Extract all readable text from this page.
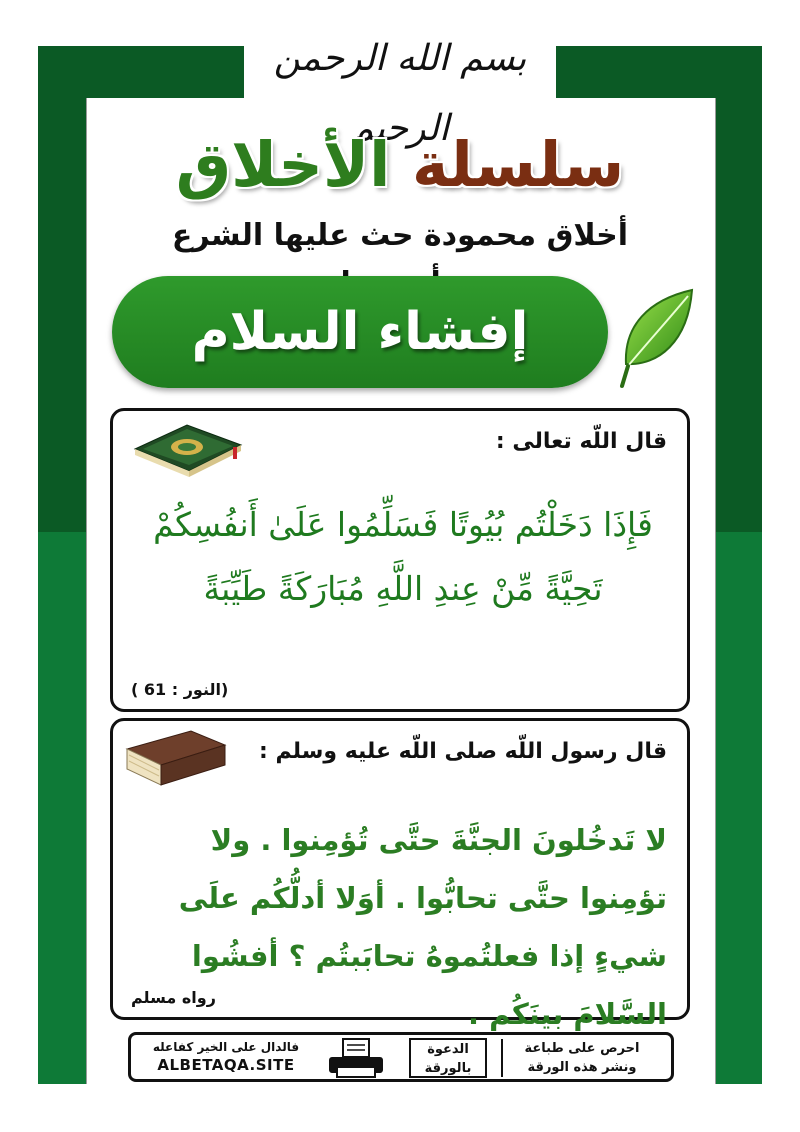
بسم الله الرحمن الرحيم
سلسلة الأخلاق
أخلاق محمودة حث عليها الشرع
إفشاء السلام
قال اللّه تعالى :
فَإِذَا دَخَلْتُم بُيُوتًا فَسَلِّمُوا عَلَىٰ أَنفُسِكُمْ
تَحِيَّةً مِّنْ عِندِ اللَّهِ مُبَارَكَةً طَيِّبَةً
(النور : 61 )
قال رسول اللّه صلى اللّه عليه وسلم :
لا تَدخُلونَ الجنَّةَ حتَّى تُؤمِنوا . ولا تؤمِنوا حتَّى تحابُّوا . أوَلا أدلُّكُم علَى شيءٍ إذا فعلتُموهُ تحابَبتُم ؟ أفشُوا السَّلامَ بينَكُم .
رواه مسلم
فالدال على الخير كفاعله
ALBETAQA.SITE
الدعوة
بالورقة
احرص على طباعة
ونشر هذه الورقة
